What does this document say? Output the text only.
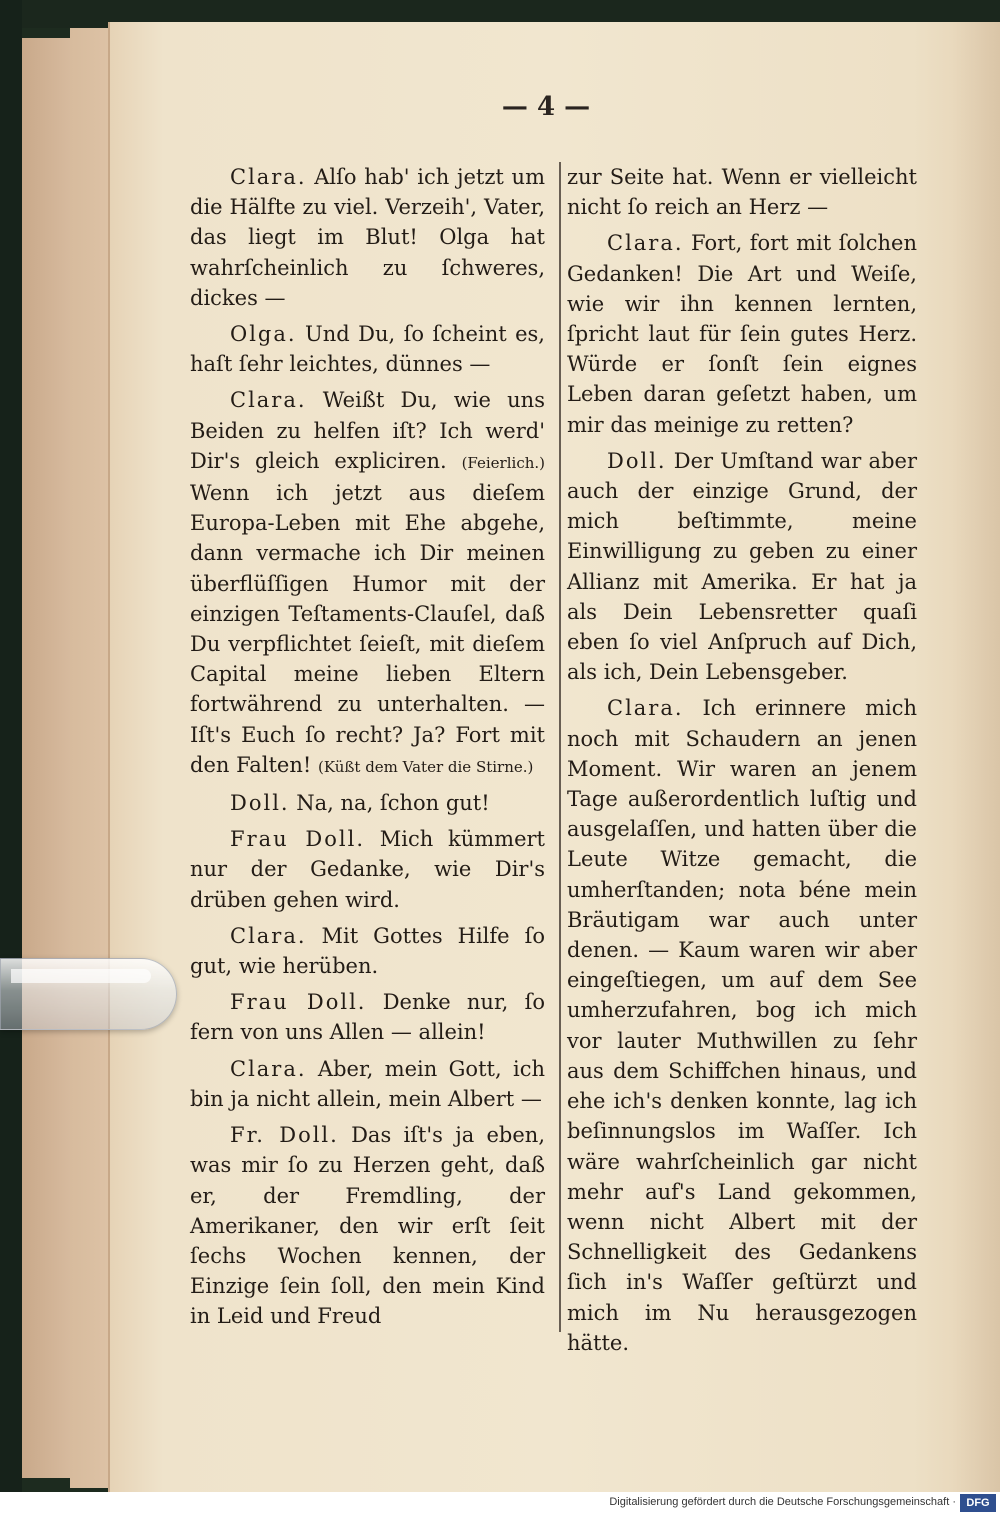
— 4 —

Clara. Alſo hab' ich jetzt um die Hälfte zu viel. Verzeih', Vater, das liegt im Blut! Olga hat wahrſcheinlich zu ſchweres, dickes —

Olga. Und Du, ſo ſcheint es, haſt ſehr leichtes, dünnes —

Clara. Weißt Du, wie uns Beiden zu helfen iſt? Ich werd' Dir's gleich expliciren. (Feierlich.) Wenn ich jetzt aus dieſem Europa-Leben mit Ehe abgehe, dann vermache ich Dir meinen überflüſſigen Humor mit der einzigen Teſtaments-Clauſel, daß Du verpflichtet ſeieſt, mit dieſem Capital meine lieben Eltern fortwährend zu unterhalten. — Iſt's Euch ſo recht? Ja? Fort mit den Falten! (Küßt dem Vater die Stirne.)

Doll. Na, na, ſchon gut!

Frau Doll. Mich kümmert nur der Gedanke, wie Dir's drüben gehen wird.

Clara. Mit Gottes Hilfe ſo gut, wie herüben.

Frau Doll. Denke nur, ſo fern von uns Allen — allein!

Clara. Aber, mein Gott, ich bin ja nicht allein, mein Albert —

Fr. Doll. Das iſt's ja eben, was mir ſo zu Herzen geht, daß er, der Fremdling, der Amerikaner, den wir erſt ſeit ſechs Wochen kennen, der Einzige ſein ſoll, den mein Kind in Leid und Freud

zur Seite hat. Wenn er vielleicht nicht ſo reich an Herz —

Clara. Fort, fort mit ſolchen Gedanken! Die Art und Weiſe, wie wir ihn kennen lernten, ſpricht laut für ſein gutes Herz. Würde er ſonſt ſein eignes Leben daran geſetzt haben, um mir das meinige zu retten?

Doll. Der Umſtand war aber auch der einzige Grund, der mich beſtimmte, meine Einwilligung zu geben zu einer Allianz mit Amerika. Er hat ja als Dein Lebensretter quaſi eben ſo viel Anſpruch auf Dich, als ich, Dein Lebensgeber.

Clara. Ich erinnere mich noch mit Schaudern an jenen Moment. Wir waren an jenem Tage außerordentlich luſtig und ausgelaſſen, und hatten über die Leute Witze gemacht, die umherſtanden; nota béne mein Bräutigam war auch unter denen. — Kaum waren wir aber eingeſtiegen, um auf dem See umherzufahren, bog ich mich vor lauter Muthwillen zu ſehr aus dem Schiffchen hinaus, und ehe ich's denken konnte, lag ich beſinnungslos im Waſſer. Ich wäre wahrſcheinlich gar nicht mehr auf's Land gekommen, wenn nicht Albert mit der Schnelligkeit des Gedankens ſich in's Waſſer geſtürzt und mich im Nu herausgezogen hätte.

Digitalisierung gefördert durch die Deutsche Forschungsgemeinschaft · DFG
